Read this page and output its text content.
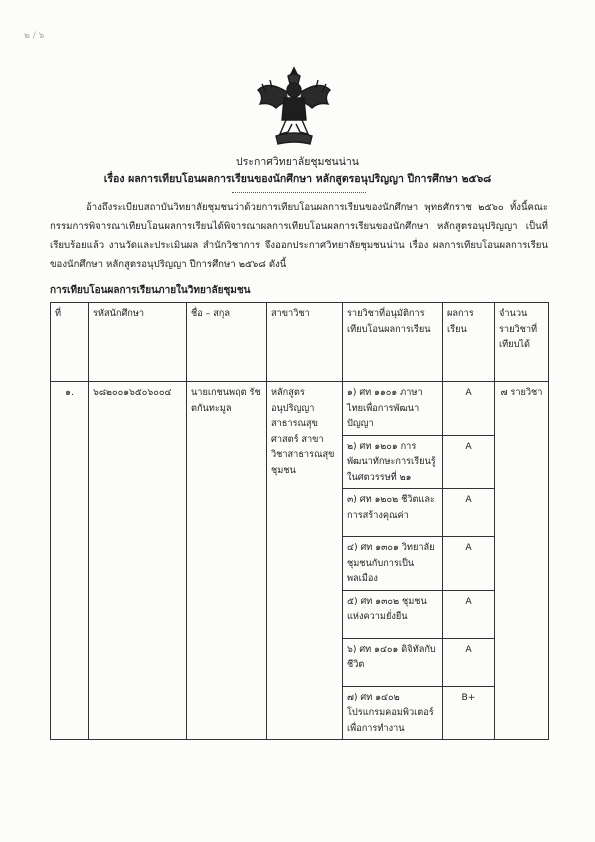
๒ / ๖
ประกาศวิทยาลัยชุมชนน่าน
เรื่อง ผลการเทียบโอนผลการเรียนของนักศึกษา หลักสูตรอนุปริญญา ปีการศึกษา ๒๕๖๘
อ้างถึงระเบียบสถาบันวิทยาลัยชุมชนว่าด้วยการเทียบโอนผลการเรียนของนักศึกษา พุทธศักราช ๒๕๖๐ ทั้งนี้คณะกรรมการพิจารณาเทียบโอนผลการเรียนได้พิจารณาผลการเทียบโอนผลการเรียนของนักศึกษา หลักสูตรอนุปริญญา เป็นที่เรียบร้อยแล้ว งานวัดและประเมินผล สำนักวิชาการ จึงออกประกาศวิทยาลัยชุมชนน่าน เรื่อง ผลการเทียบโอนผลการเรียนของนักศึกษา หลักสูตรอนุปริญญา ปีการศึกษา ๒๕๖๘ ดังนี้
การเทียบโอนผลการเรียนภายในวิทยาลัยชุมชน
ที่	รหัสนักศึกษา	ชื่อ – สกุล	สาขาวิชา	รายวิชาที่อนุมัติการเทียบโอนผลการเรียน	ผลการเรียน	จำนวนรายวิชาที่เทียบได้
๑.	๖๘๒๐๐๑๖๕๐๖๐๐๔	นายเกชนพฤต รัชตกันทะมูล	หลักสูตรอนุปริญญา สาธารณสุขศาสตร์ สาขาวิชาสาธารณสุขชุมชน	๑) ศท ๑๑๐๑ ภาษาไทยเพื่อการพัฒนาปัญญา	A	๗ รายวิชา
				๒) ศท ๑๒๐๑ การพัฒนาทักษะการเรียนรู้ในศตวรรษที่ ๒๑	A	
				๓) ศท ๑๒๐๒ ชีวิตและการสร้างคุณค่า	A	
				๔) ศท ๑๓๐๑ วิทยาลัยชุมชนกับการเป็นพลเมือง	A	
				๕) ศท ๑๓๐๒ ชุมชนแห่งความยั่งยืน	A	
				๖) ศท ๑๔๐๑ ดิจิทัลกับชีวิต	A	
				๗) ศท ๑๔๐๒ โปรแกรมคอมพิวเตอร์เพื่อการทำงาน	B+	
